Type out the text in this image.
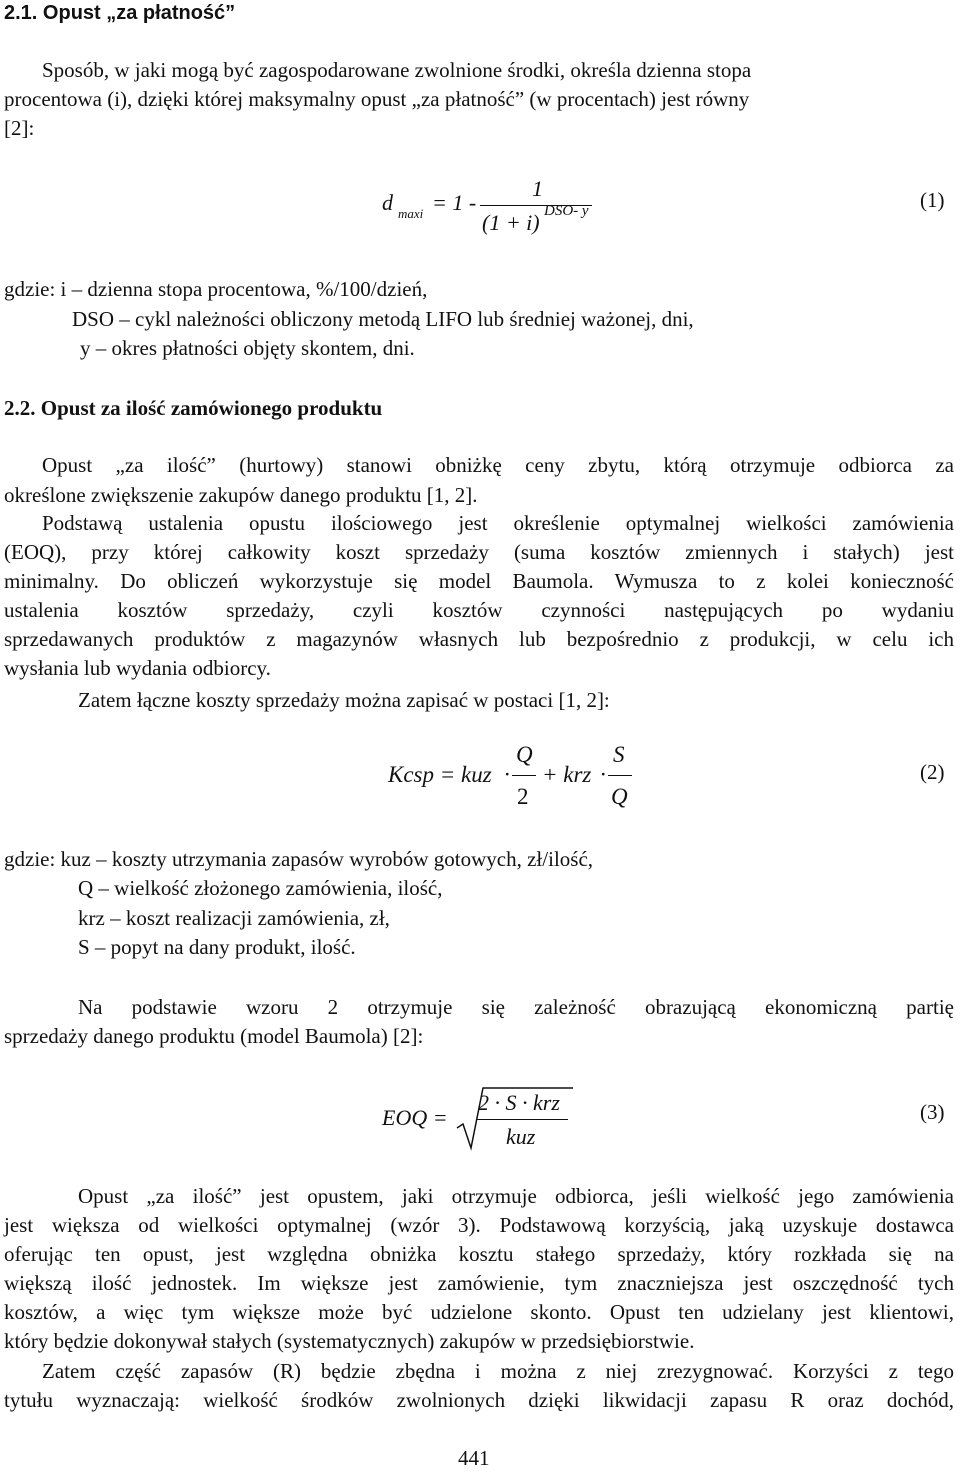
2.1. Opust „za płatność”
Sposób, w jaki mogą być zagospodarowane zwolnione środki, określa dzienna stopa
procentowa (i), dzięki której maksymalny opust „za płatność” (w procentach) jest równy
[2]:
d maxi = 1 -
1
(1 + i) DSO- y	(1)
gdzie: i – dzienna stopa procentowa, %/100/dzień,
DSO – cykl należności obliczony metodą LIFO lub średniej ważonej, dni,
y – okres płatności objęty skontem, dni.
2.2. Opust za ilość zamówionego produktu
Opust „za ilość” (hurtowy) stanowi obniżkę ceny zbytu, którą otrzymuje odbiorca za
określone zwiększenie zakupów danego produktu [1, 2].
Podstawą ustalenia opustu ilościowego jest określenie optymalnej wielkości zamówienia
(EOQ), przy której całkowity koszt sprzedaży (suma kosztów zmiennych i stałych) jest
minimalny. Do obliczeń wykorzystuje się model Baumola. Wymusza to z kolei konieczność
ustalenia kosztów sprzedaży, czyli kosztów czynności następujących po wydaniu
sprzedawanych produktów z magazynów własnych lub bezpośrednio z produkcji, w celu ich
wysłania lub wydania odbiorcy.
Zatem łączne koszty sprzedaży można zapisać w postaci [1, 2]:
Kcsp = kuz ·
Q
2
+ krz ·
S
Q
(2)
gdzie: kuz – koszty utrzymania zapasów wyrobów gotowych, zł/ilość,
Q – wielkość złożonego zamówienia, ilość,
krz – koszt realizacji zamówienia, zł,
S – popyt na dany produkt, ilość.
Na podstawie wzoru 2 otrzymuje się zależność obrazującą ekonomiczną partię
sprzedaży danego produktu (model Baumola) [2]:
EOQ =
2 · S · krz
kuz
(3)
Opust „za ilość” jest opustem, jaki otrzymuje odbiorca, jeśli wielkość jego zamówienia
jest większa od wielkości optymalnej (wzór 3). Podstawową korzyścią, jaką uzyskuje dostawca
oferując ten opust, jest względna obniżka kosztu stałego sprzedaży, który rozkłada się na
większą ilość jednostek. Im większe jest zamówienie, tym znaczniejsza jest oszczędność tych
kosztów, a więc tym większe może być udzielone skonto. Opust ten udzielany jest klientowi,
który będzie dokonywał stałych (systematycznych) zakupów w przedsiębiorstwie.
Zatem część zapasów (R) będzie zbędna i można z niej zrezygnować. Korzyści z tego
tytułu wyznaczają: wielkość środków zwolnionych dzięki likwidacji zapasu R oraz dochód,
441
